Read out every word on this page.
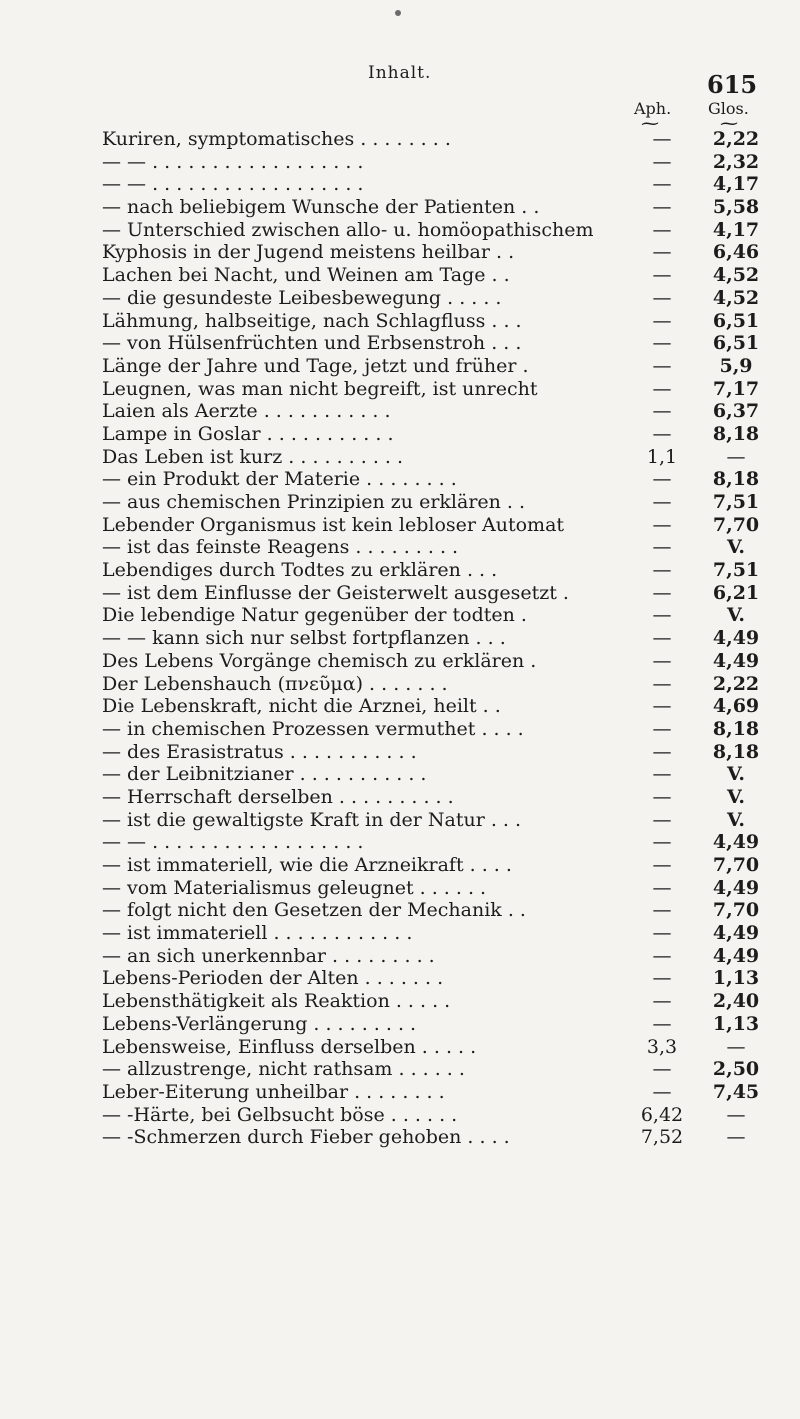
Inhalt.	615
Aph. Glos.
⁓	⁓
Kuriren, symptomatisches . . . . . . . .	—	2,22
— — . . . . . . . . . . . . . . . . . .	—	2,32
— — . . . . . . . . . . . . . . . . . .	—	4,17
— nach beliebigem Wunsche der Patienten . .	—	5,58
— Unterschied zwischen allo- u. homöopathischem	—	4,17
Kyphosis in der Jugend meistens heilbar . .	—	6,46
Lachen bei Nacht, und Weinen am Tage . .	—	4,52
— die gesundeste Leibesbewegung . . . . .	—	4,52
Lähmung, halbseitige, nach Schlagfluss . . .	—	6,51
— von Hülsenfrüchten und Erbsenstroh . . .	—	6,51
Länge der Jahre und Tage, jetzt und früher .	—	5,9
Leugnen, was man nicht begreift, ist unrecht	—	7,17
Laien als Aerzte . . . . . . . . . . .	—	6,37
Lampe in Goslar . . . . . . . . . . .	—	8,18
Das Leben ist kurz . . . . . . . . . .	1,1	—
— ein Produkt der Materie . . . . . . . .	—	8,18
— aus chemischen Prinzipien zu erklären . .	—	7,51
Lebender Organismus ist kein lebloser Automat	—	7,70
— ist das feinste Reagens . . . . . . . . .	—	V.
Lebendiges durch Todtes zu erklären . . .	—	7,51
— ist dem Einflusse der Geisterwelt ausgesetzt .	—	6,21
Die lebendige Natur gegenüber der todten .	—	V.
— — kann sich nur selbst fortpflanzen . . .	—	4,49
Des Lebens Vorgänge chemisch zu erklären .	—	4,49
Der Lebenshauch (πνεῦμα) . . . . . . .	—	2,22
Die Lebenskraft, nicht die Arznei, heilt . .	—	4,69
— in chemischen Prozessen vermuthet . . . .	—	8,18
— des Erasistratus . . . . . . . . . . .	—	8,18
— der Leibnitzianer . . . . . . . . . . .	—	V.
— Herrschaft derselben . . . . . . . . . .	—	V.
— ist die gewaltigste Kraft in der Natur . . .	—	V.
— — . . . . . . . . . . . . . . . . . .	—	4,49
— ist immateriell, wie die Arzneikraft . . . .	—	7,70
— vom Materialismus geleugnet . . . . . .	—	4,49
— folgt nicht den Gesetzen der Mechanik . .	—	7,70
— ist immateriell . . . . . . . . . . . .	—	4,49
— an sich unerkennbar . . . . . . . . .	—	4,49
Lebens-Perioden der Alten . . . . . . .	—	1,13
Lebensthätigkeit als Reaktion . . . . .	—	2,40
Lebens-Verlängerung . . . . . . . . .	—	1,13
Lebensweise, Einfluss derselben . . . . .	3,3	—
— allzustrenge, nicht rathsam . . . . . .	—	2,50
Leber-Eiterung unheilbar . . . . . . . .	—	7,45
— -Härte, bei Gelbsucht böse . . . . . .	6,42	—
— -Schmerzen durch Fieber gehoben . . . .	7,52	—
